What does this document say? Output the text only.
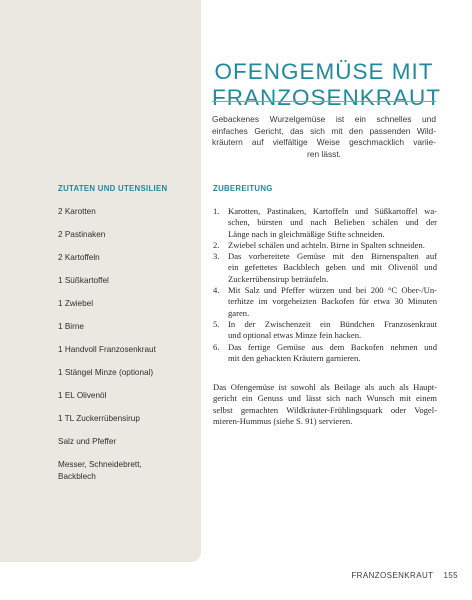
OFENGEMÜSE MIT
FRANZOSENKRAUT
Gebackenes Wurzelgemüse ist ein schnelles und
einfaches Gericht, das sich mit den passenden Wild-
kräutern auf vielfältige Weise geschmacklich variie-
ren lässt.
ZUTATEN UND UTENSILIEN	ZUBEREITUNG
2 Karotten
2 Pastinaken
2 Kartoffeln
1 Süßkartoffel
1 Zwiebel
1 Birne
1 Handvoll Franzosenkraut
1 Stängel Minze (optional)
1 EL Olivenöl
1 TL Zuckerrübensirup
Salz und Pfeffer
Messer, Schneidebrett,
Backblech
1. Karotten, Pastinaken, Kartoffeln und Süßkartoffel wa-
schen, bürsten und nach Belieben schälen und der
Länge nach in gleichmäßige Stifte schneiden.
2. Zwiebel schälen und achteln. Birne in Spalten schneiden.
3. Das vorbereitete Gemüse mit den Birnenspalten auf
ein gefettetes Backblech geben und mit Olivenöl und
Zuckerrübensirup beträufeln.
4. Mit Salz und Pfeffer würzen und bei 200 °C Ober-/Un-
terhitze im vorgeheizten Backofen für etwa 30 Minuten
garen.
5. In der Zwischenzeit ein Bündchen Franzosenkraut
und optional etwas Minze fein hacken.
6. Das fertige Gemüse aus dem Backofen nehmen und
mit den gehackten Kräutern garnieren.
Das Ofengemüse ist sowohl als Beilage als auch als Haupt-
gericht ein Genuss und lässt sich nach Wunsch mit einem
selbst gemachten Wildkräuter-Frühlingsquark oder Vogel-
mieren-Hummus (siehe S. 91) servieren.
FRANZOSENKRAUT 155
